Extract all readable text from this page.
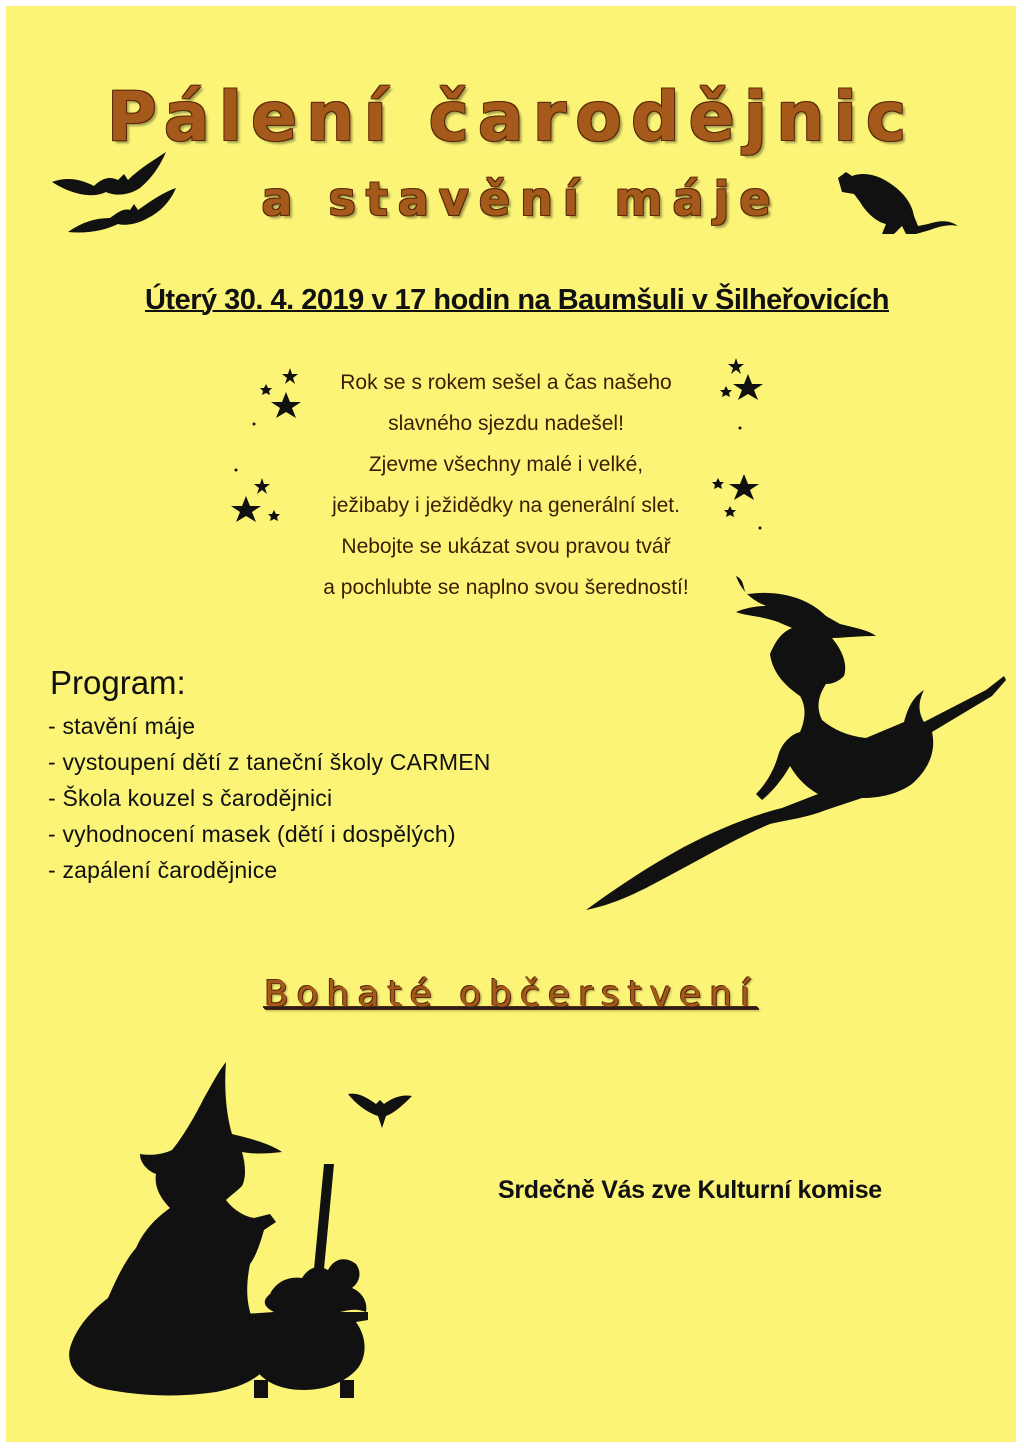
Pálení čarodějnic
a stavění máje
Úterý 30. 4. 2019 v 17 hodin na Baumšuli v Šilheřovicích
Rok se s rokem sešel a čas našeho
slavného sjezdu nadešel!
Zjevme všechny malé i velké,
ježibaby i ježidědky na generální slet.
Nebojte se ukázat svou pravou tvář
a pochlubte se naplno svou šeredností!
Program:
- stavění máje
- vystoupení dětí z taneční školy CARMEN
- Škola kouzel s čarodějnici
- vyhodnocení masek (dětí i dospělých)
- zapálení čarodějnice
Bohaté občerstvení
Srdečně Vás zve Kulturní komise
